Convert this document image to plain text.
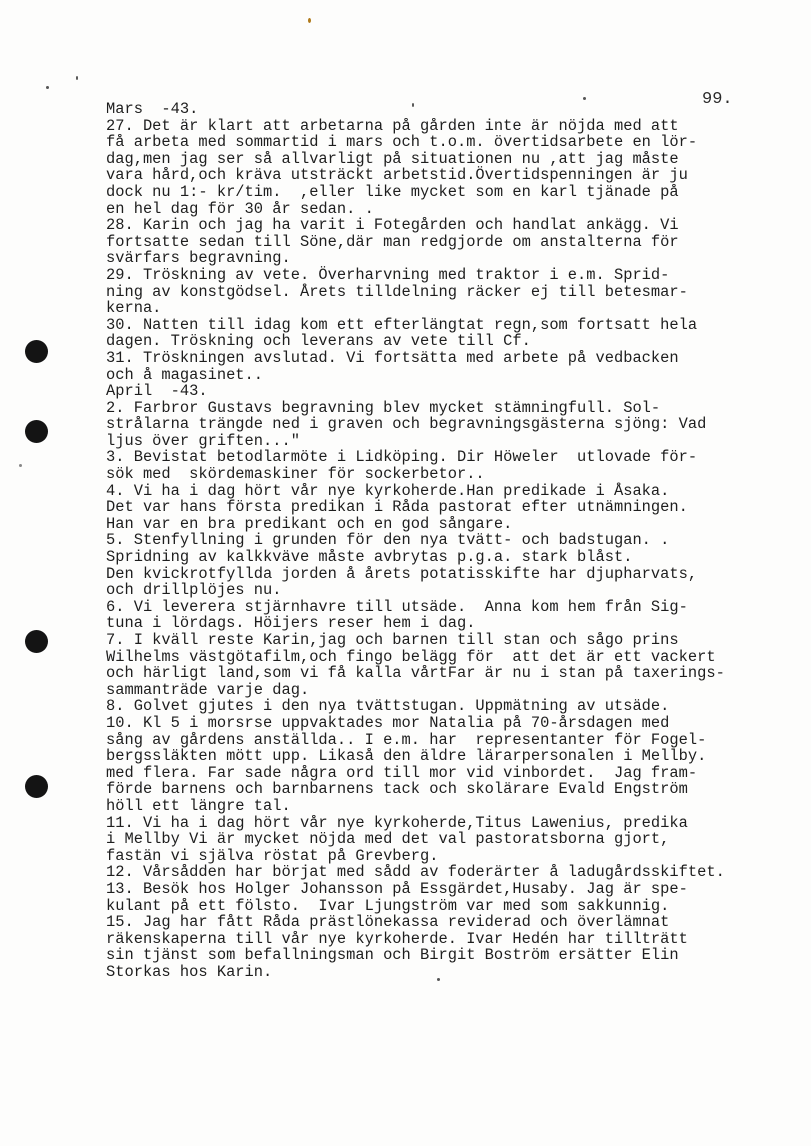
99.
Mars  -43.
27. Det är klart att arbetarna på gården inte är nöjda med att
få arbeta med sommartid i mars och t.o.m. övertidsarbete en lör-
dag,men jag ser så allvarligt på situationen nu ,att jag måste
vara hård,och kräva utsträckt arbetstid.Övertidspenningen är ju
dock nu 1:- kr/tim.  ,eller like mycket som en karl tjänade på
en hel dag för 30 år sedan. .
28. Karin och jag ha varit i Fotegården och handlat ankägg. Vi
fortsatte sedan till Söne,där man redgjorde om anstalterna för
svärfars begravning.
29. Tröskning av vete. Överharvning med traktor i e.m. Sprid-
ning av konstgödsel. Årets tilldelning räcker ej till betesmar-
kerna.
30. Natten till idag kom ett efterlängtat regn,som fortsatt hela
dagen. Tröskning och leverans av vete till Cf.
31. Tröskningen avslutad. Vi fortsätta med arbete på vedbacken
och å magasinet..
April  -43.
2. Farbror Gustavs begravning blev mycket stämningfull. Sol-
strålarna trängde ned i graven och begravningsgästerna sjöng: Vad
ljus över griften..."
3. Bevistat betodlarmöte i Lidköping. Dir Höweler  utlovade för-
sök med  skördemaskiner för sockerbetor..
4. Vi ha i dag hört vår nye kyrkoherde.Han predikade i Åsaka.
Det var hans första predikan i Råda pastorat efter utnämningen.
Han var en bra predikant och en god sångare.
5. Stenfyllning i grunden för den nya tvätt- och badstugan. .
Spridning av kalkkväve måste avbrytas p.g.a. stark blåst.
Den kvickrotfyllda jorden å årets potatisskifte har djupharvats,
och drillplöjes nu.
6. Vi leverera stjärnhavre till utsäde.  Anna kom hem från Sig-
tuna i lördags. Höijers reser hem i dag.
7. I kväll reste Karin,jag och barnen till stan och sågo prins
Wilhelms västgötafilm,och fingo belägg för  att det är ett vackert
och härligt land,som vi få kalla vårtFar är nu i stan på taxerings-
sammanträde varje dag.
8. Golvet gjutes i den nya tvättstugan. Uppmätning av utsäde.
10. Kl 5 i morsrse uppvaktades mor Natalia på 70-årsdagen med
sång av gårdens anställda.. I e.m. har  representanter för Fogel-
bergssläkten mött upp. Likaså den äldre lärarpersonalen i Mellby.
med flera. Far sade några ord till mor vid vinbordet.  Jag fram-
förde barnens och barnbarnens tack och skolärare Evald Engström
höll ett längre tal.
11. Vi ha i dag hört vår nye kyrkoherde,Titus Lawenius, predika
i Mellby Vi är mycket nöjda med det val pastoratsborna gjort,
fastän vi själva röstat på Grevberg.
12. Vårsådden har börjat med sådd av foderärter å ladugårdsskiftet.
13. Besök hos Holger Johansson på Essgärdet,Husaby. Jag är spe-
kulant på ett fölsto.  Ivar Ljungström var med som sakkunnig.
15. Jag har fått Råda prästlönekassa reviderad och överlämnat
räkenskaperna till vår nye kyrkoherde. Ivar Hedén har tillträtt
sin tjänst som befallningsman och Birgit Boström ersätter Elin
Storkas hos Karin.
